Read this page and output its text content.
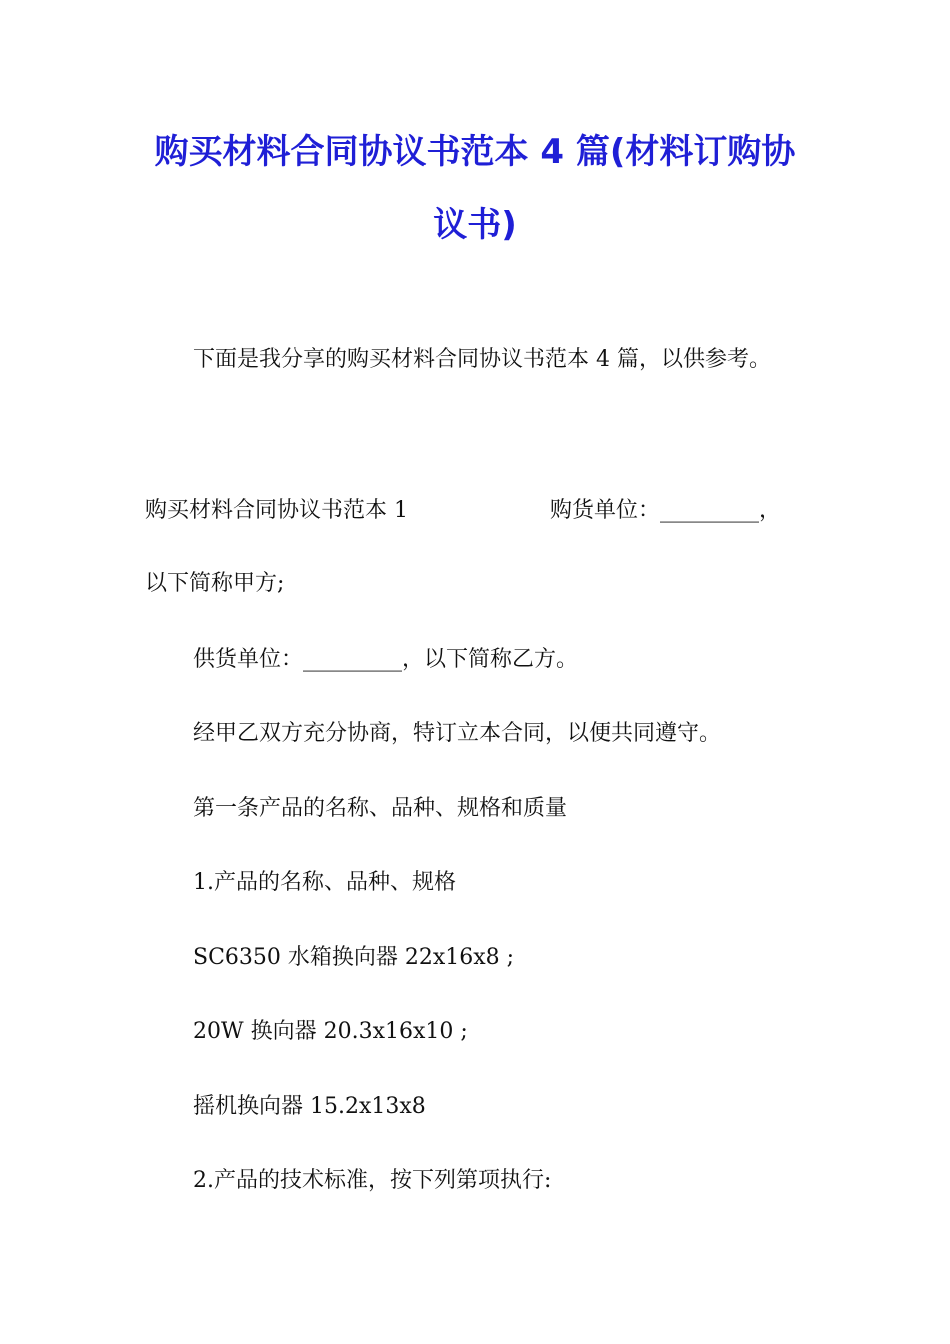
购买材料合同协议书范本 4 篇(材料订购协
议书)

下面是我分享的购买材料合同协议书范本 4 篇，以供参考。

购买材料合同协议书范本 1	购货单位：_________，

以下简称甲方;

供货单位：_________，以下简称乙方。

经甲乙双方充分协商，特订立本合同，以便共同遵守。

第一条产品的名称、品种、规格和质量

1.产品的名称、品种、规格

SC6350 水箱换向器 22x16x8 ;

20W 换向器 20.3x16x10 ;

摇机换向器 15.2x13x8

2.产品的技术标准，按下列第项执行:
